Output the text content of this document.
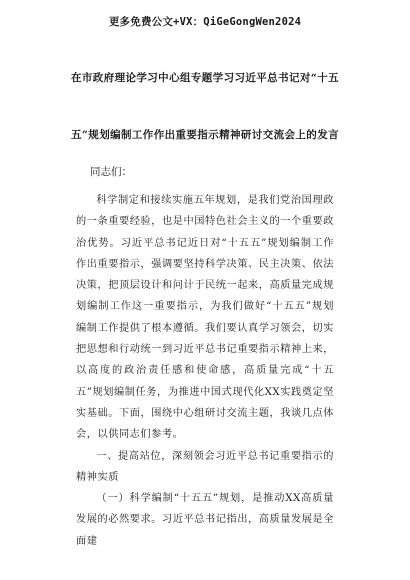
更多免费公文+VX：QiGeGongWen2024
在市政府理论学习中心组专题学习习近平总书记对“十五
五”规划编制工作作出重要指示精神研讨交流会上的发言
同志们：

科学制定和接续实施五年规划，是我们党治国理政的一条重要经验，也是中国特色社会主义的一个重要政治优势。习近平总书记近日对“十五五”规划编制工作作出重要指示，强调要坚持科学决策、民主决策、依法决策，把顶层设计和问计于民统一起来，高质量完成规划编制工作这一重要指示，为我们做好“十五五”规划编制工作提供了根本遵循。我们要认真学习领会，切实把思想和行动统一到习近平总书记重要指示精神上来，以高度的政治责任感和使命感，高质量完成“十五五”规划编制任务，为推进中国式现代化XX实践奠定坚实基础。下面，围绕中心组研讨交流主题，我谈几点体会，以供同志们参考。

一、提高站位，深刻领会习近平总书记重要指示的精神实质

（一）科学编制“十五五”规划，是推动XX高质量发展的必然要求。习近平总书记指出，高质量发展是全面建
